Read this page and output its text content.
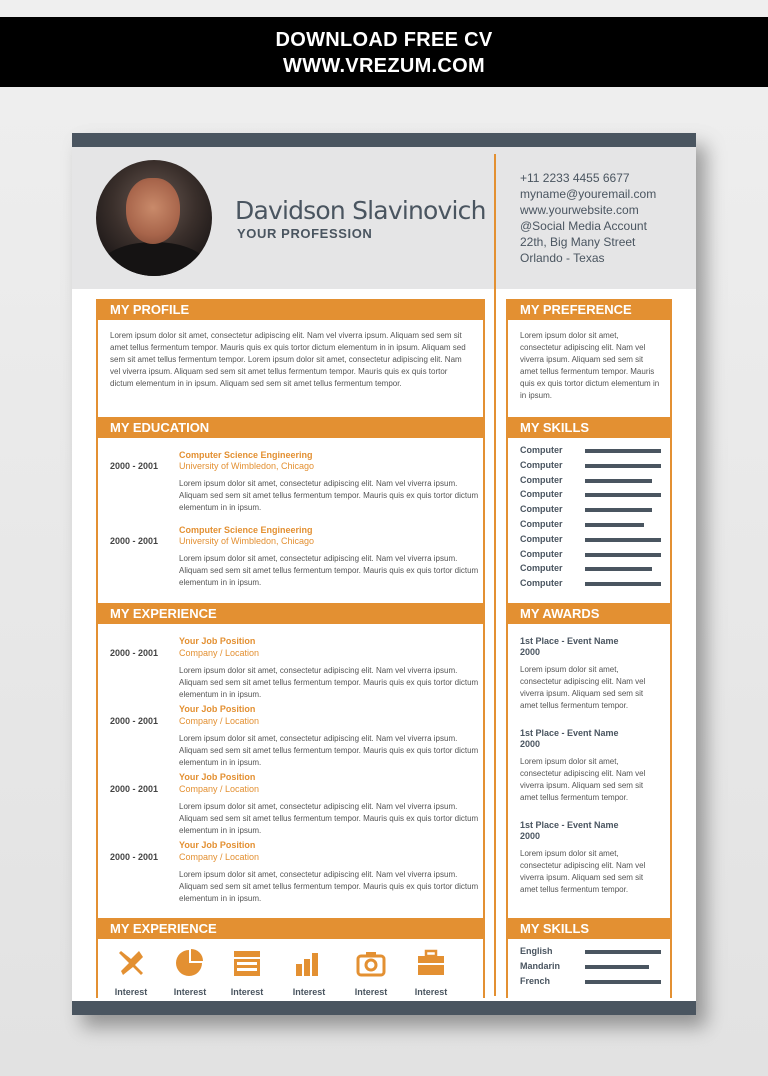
DOWNLOAD FREE CV
WWW.VREZUM.COM
Davidson Slavinovich
YOUR PROFESSION
+11 2233 4455 6677
myname@youremail.com
www.yourwebsite.com
@Social Media Account
22th, Big Many Street
Orlando - Texas
MY PROFILE
Lorem ipsum dolor sit amet, consectetur adipiscing elit. Nam vel viverra ipsum. Aliquam sed sem sit amet tellus fermentum tempor. Mauris quis ex quis tortor dictum elementum in in ipsum. Aliquam sed sem sit amet tellus fermentum tempor. Lorem ipsum dolor sit amet, consectetur adipiscing elit. Nam vel viverra ipsum. Aliquam sed sem sit amet tellus fermentum tempor. Mauris quis ex quis tortor dictum elementum in in ipsum. Aliquam sed sem sit amet tellus fermentum tempor.
MY PREFERENCE
Lorem ipsum dolor sit amet, consectetur adipiscing elit. Nam vel viverra ipsum. Aliquam sed sem sit amet tellus fermentum tempor. Mauris quis ex quis tortor dictum elementum in in ipsum.
MY EDUCATION
2000 - 2001
Computer Science Engineering
University of Wimbledon, Chicago
Lorem ipsum dolor sit amet, consectetur adipiscing elit. Nam vel viverra ipsum. Aliquam sed sem sit amet tellus fermentum tempor. Mauris quis ex quis tortor dictum elementum in in ipsum.
2000 - 2001
Computer Science Engineering
University of Wimbledon, Chicago
Lorem ipsum dolor sit amet, consectetur adipiscing elit. Nam vel viverra ipsum. Aliquam sed sem sit amet tellus fermentum tempor. Mauris quis ex quis tortor dictum elementum in in ipsum.
MY SKILLS
Computer
Computer
Computer
Computer
Computer
Computer
Computer
Computer
Computer
Computer
MY EXPERIENCE
Your Job Position
2000 - 2001 Company / Location
Lorem ipsum dolor sit amet, consectetur adipiscing elit. Nam vel viverra ipsum. Aliquam sed sem sit amet tellus fermentum tempor. Mauris quis ex quis tortor dictum elementum in in ipsum.
Your Job Position
2000 - 2001 Company / Location
Lorem ipsum dolor sit amet, consectetur adipiscing elit. Nam vel viverra ipsum. Aliquam sed sem sit amet tellus fermentum tempor. Mauris quis ex quis tortor dictum elementum in in ipsum.
Your Job Position
2000 - 2001 Company / Location
Lorem ipsum dolor sit amet, consectetur adipiscing elit. Nam vel viverra ipsum. Aliquam sed sem sit amet tellus fermentum tempor. Mauris quis ex quis tortor dictum elementum in in ipsum.
Your Job Position
2000 - 2001 Company / Location
Lorem ipsum dolor sit amet, consectetur adipiscing elit. Nam vel viverra ipsum. Aliquam sed sem sit amet tellus fermentum tempor. Mauris quis ex quis tortor dictum elementum in in ipsum.
MY AWARDS
1st Place - Event Name
2000
Lorem ipsum dolor sit amet, consectetur adipiscing elit. Nam vel viverra ipsum. Aliquam sed sem sit amet tellus fermentum tempor.
1st Place - Event Name
2000
Lorem ipsum dolor sit amet, consectetur adipiscing elit. Nam vel viverra ipsum. Aliquam sed sem sit amet tellus fermentum tempor.
1st Place - Event Name
2000
Lorem ipsum dolor sit amet, consectetur adipiscing elit. Nam vel viverra ipsum. Aliquam sed sem sit amet tellus fermentum tempor.
MY EXPERIENCE
Interest	Interest	Interest	Interest	Interest	Interest
MY SKILLS
English
Mandarin
French
